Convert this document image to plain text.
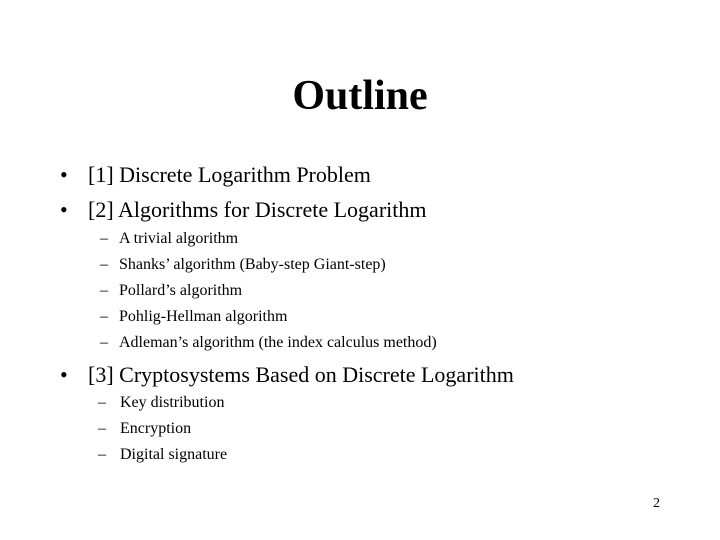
Outline
• [1] Discrete Logarithm Problem
• [2] Algorithms for Discrete Logarithm
– A trivial algorithm
– Shanks’ algorithm (Baby-step Giant-step)
– Pollard’s algorithm
– Pohlig-Hellman algorithm
– Adleman’s algorithm (the index calculus method)
• [3] Cryptosystems Based on Discrete Logarithm
– Key distribution
– Encryption
– Digital signature
2
